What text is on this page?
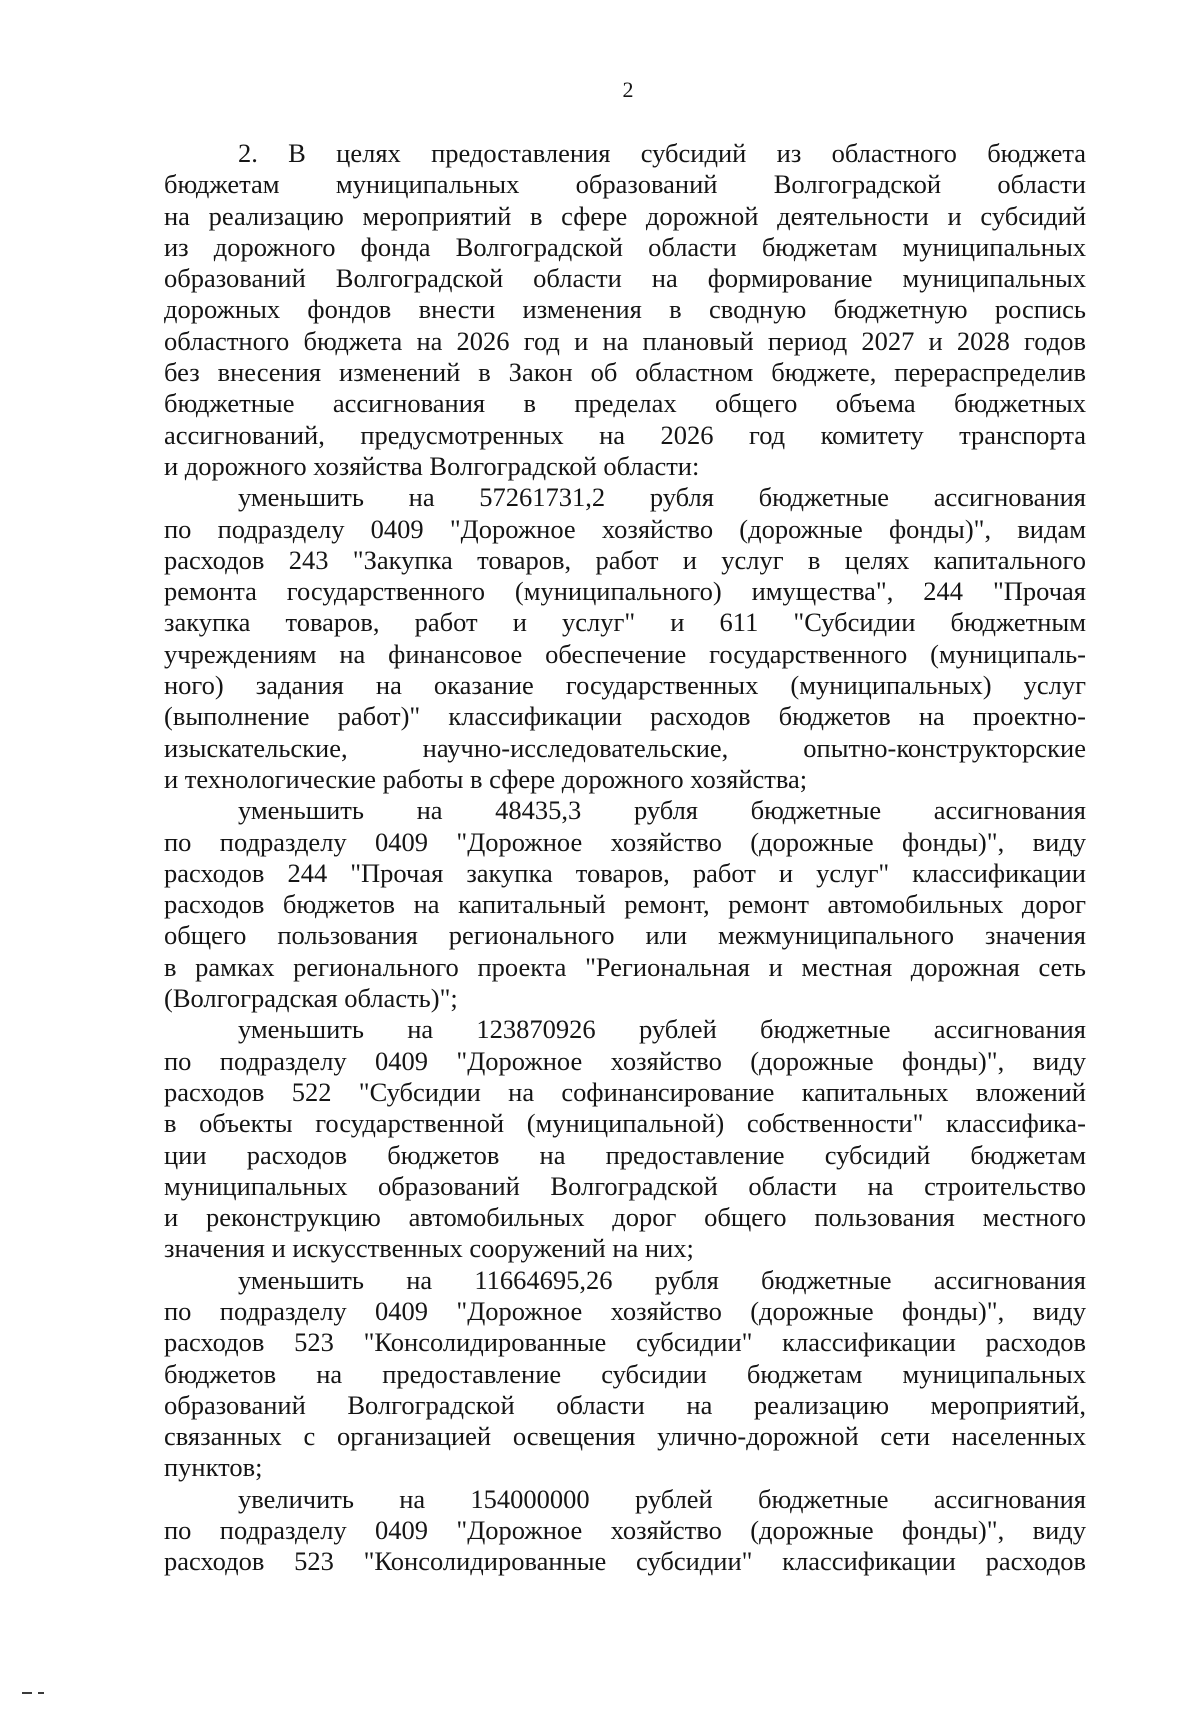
2
2. В целях предоставления субсидий из областного бюджета
бюджетам муниципальных образований Волгоградской области
на реализацию мероприятий в сфере дорожной деятельности и субсидий
из дорожного фонда Волгоградской области бюджетам муниципальных
образований Волгоградской области на формирование муниципальных
дорожных фондов внести изменения в сводную бюджетную роспись
областного бюджета на 2026 год и на плановый период 2027 и 2028 годов
без внесения изменений в Закон об областном бюджете, перераспределив
бюджетные ассигнования в пределах общего объема бюджетных
ассигнований, предусмотренных на 2026 год комитету транспорта
и дорожного хозяйства Волгоградской области:
уменьшить на 57261731,2 рубля бюджетные ассигнования
по подразделу 0409 "Дорожное хозяйство (дорожные фонды)", видам
расходов 243 "Закупка товаров, работ и услуг в целях капитального
ремонта государственного (муниципального) имущества", 244 "Прочая
закупка товаров, работ и услуг" и 611 "Субсидии бюджетным
учреждениям на финансовое обеспечение государственного (муниципаль-
ного) задания на оказание государственных (муниципальных) услуг
(выполнение работ)" классификации расходов бюджетов на проектно-
изыскательские, научно-исследовательские, опытно-конструкторские
и технологические работы в сфере дорожного хозяйства;
уменьшить на 48435,3 рубля бюджетные ассигнования
по подразделу 0409 "Дорожное хозяйство (дорожные фонды)", виду
расходов 244 "Прочая закупка товаров, работ и услуг" классификации
расходов бюджетов на капитальный ремонт, ремонт автомобильных дорог
общего пользования регионального или межмуниципального значения
в рамках регионального проекта "Региональная и местная дорожная сеть
(Волгоградская область)";
уменьшить на 123870926 рублей бюджетные ассигнования
по подразделу 0409 "Дорожное хозяйство (дорожные фонды)", виду
расходов 522 "Субсидии на софинансирование капитальных вложений
в объекты государственной (муниципальной) собственности" классифика-
ции расходов бюджетов на предоставление субсидий бюджетам
муниципальных образований Волгоградской области на строительство
и реконструкцию автомобильных дорог общего пользования местного
значения и искусственных сооружений на них;
уменьшить на 11664695,26 рубля бюджетные ассигнования
по подразделу 0409 "Дорожное хозяйство (дорожные фонды)", виду
расходов 523 "Консолидированные субсидии" классификации расходов
бюджетов на предоставление субсидии бюджетам муниципальных
образований Волгоградской области на реализацию мероприятий,
связанных с организацией освещения улично-дорожной сети населенных
пунктов;
увеличить на 154000000 рублей бюджетные ассигнования
по подразделу 0409 "Дорожное хозяйство (дорожные фонды)", виду
расходов 523 "Консолидированные субсидии" классификации расходов
